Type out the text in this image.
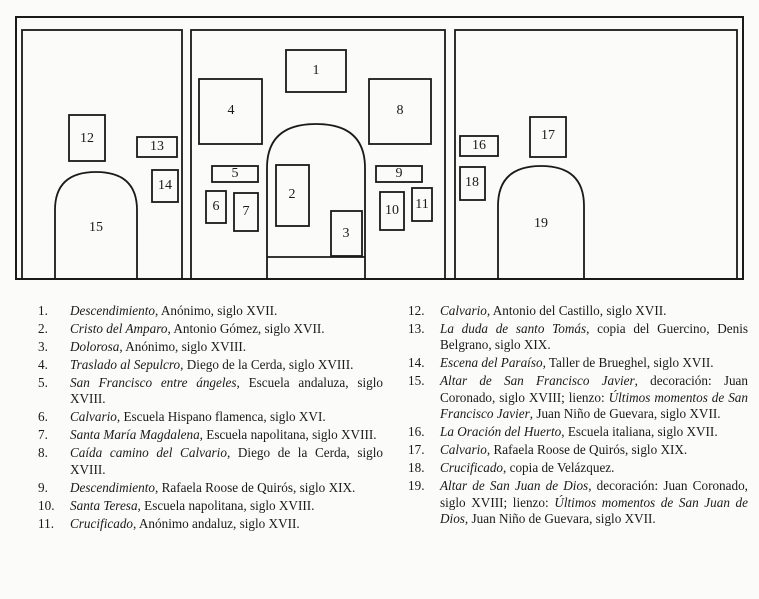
12
13
14
15
1
4	8
5	9
6 7	10 11
2
3
16
17
18
19
1.	Descendimiento, Anónimo, siglo XVII.
2.	Cristo del Amparo, Antonio Gómez, siglo XVII.
3.	Dolorosa, Anónimo, siglo XVIII.
4.	Traslado al Sepulcro, Diego de la Cerda, siglo XVIII.
5.	San Francisco entre ángeles, Escuela andaluza, siglo XVIII.
6.	Calvario, Escuela Hispano flamenca, siglo XVI.
7.	Santa María Magdalena, Escuela napolitana, siglo XVIII.
8.	Caída camino del Calvario, Diego de la Cerda, siglo XVIII.
9.	Descendimiento, Rafaela Roose de Quirós, siglo XIX.
10.	Santa Teresa, Escuela napolitana, siglo XVIII.
11.	Crucificado, Anónimo andaluz, siglo XVII.
12.	Calvario, Antonio del Castillo, siglo XVII.
13.	La duda de santo Tomás, copia del Guercino, Denis Belgrano, siglo XIX.
14.	Escena del Paraíso, Taller de Brueghel, siglo XVII.
15.	Altar de San Francisco Javier, decoración: Juan Coronado, siglo XVIII; lienzo: Últimos momentos de San Francisco Javier, Juan Niño de Guevara, siglo XVII.
16.	La Oración del Huerto, Escuela italiana, siglo XVII.
17.	Calvario, Rafaela Roose de Quirós, siglo XIX.
18.	Crucificado, copia de Velázquez.
19.	Altar de San Juan de Dios, decoración: Juan Coronado, siglo XVIII; lienzo: Últimos momentos de San Juan de Dios, Juan Niño de Guevara, siglo XVII.
